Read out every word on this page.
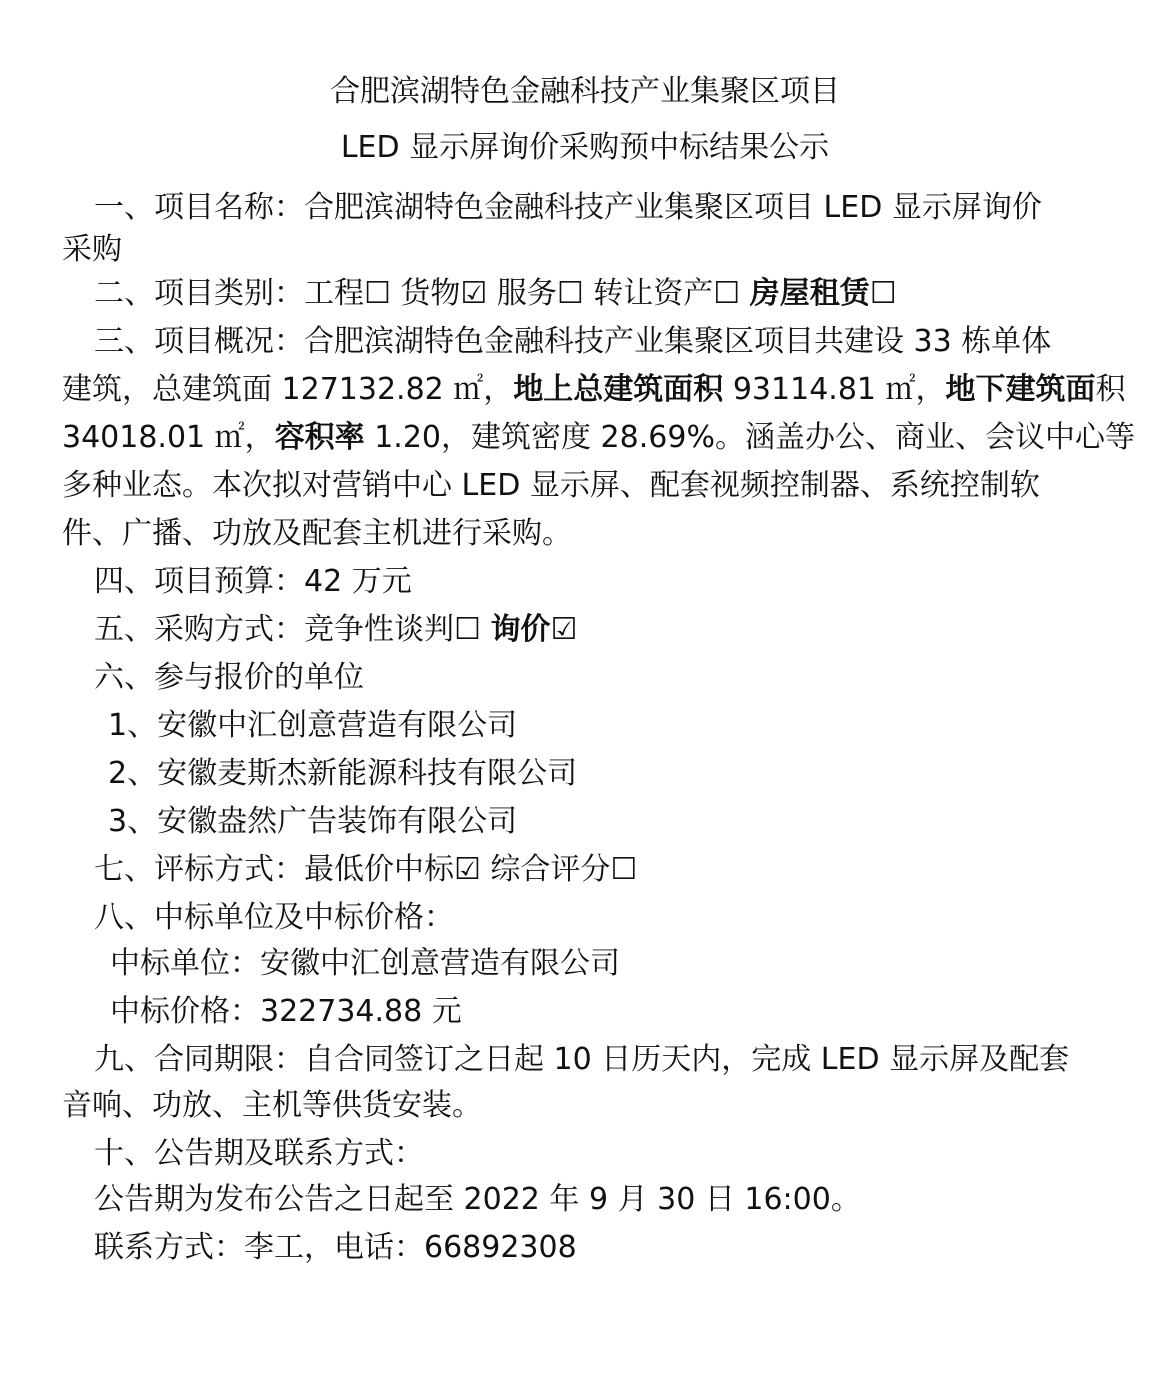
合肥滨湖特色金融科技产业集聚区项目
LED 显示屏询价采购预中标结果公示
一、项目名称：合肥滨湖特色金融科技产业集聚区项目 LED 显示屏询价
采购
二、项目类别：工程☐ 货物☑ 服务☐ 转让资产☐ 房屋租赁☐
三、项目概况：合肥滨湖特色金融科技产业集聚区项目共建设 33 栋单体
建筑，总建筑面 127132.82 ㎡，地上总建筑面积 93114.81 ㎡，地下建筑面积
34018.01 ㎡，容积率 1.20，建筑密度 28.69%。涵盖办公、商业、会议中心等
多种业态。本次拟对营销中心 LED 显示屏、配套视频控制器、系统控制软
件、广播、功放及配套主机进行采购。
四、项目预算：42 万元
五、采购方式：竞争性谈判☐ 询价☑
六、参与报价的单位
1、安徽中汇创意营造有限公司
2、安徽麦斯杰新能源科技有限公司
3、安徽盎然广告装饰有限公司
七、评标方式：最低价中标☑ 综合评分☐
八、中标单位及中标价格：
中标单位：安徽中汇创意营造有限公司
中标价格：322734.88 元
九、合同期限：自合同签订之日起 10 日历天内，完成 LED 显示屏及配套
音响、功放、主机等供货安装。
十、公告期及联系方式：
公告期为发布公告之日起至 2022 年 9 月 30 日 16:00。
联系方式：李工，电话：66892308
